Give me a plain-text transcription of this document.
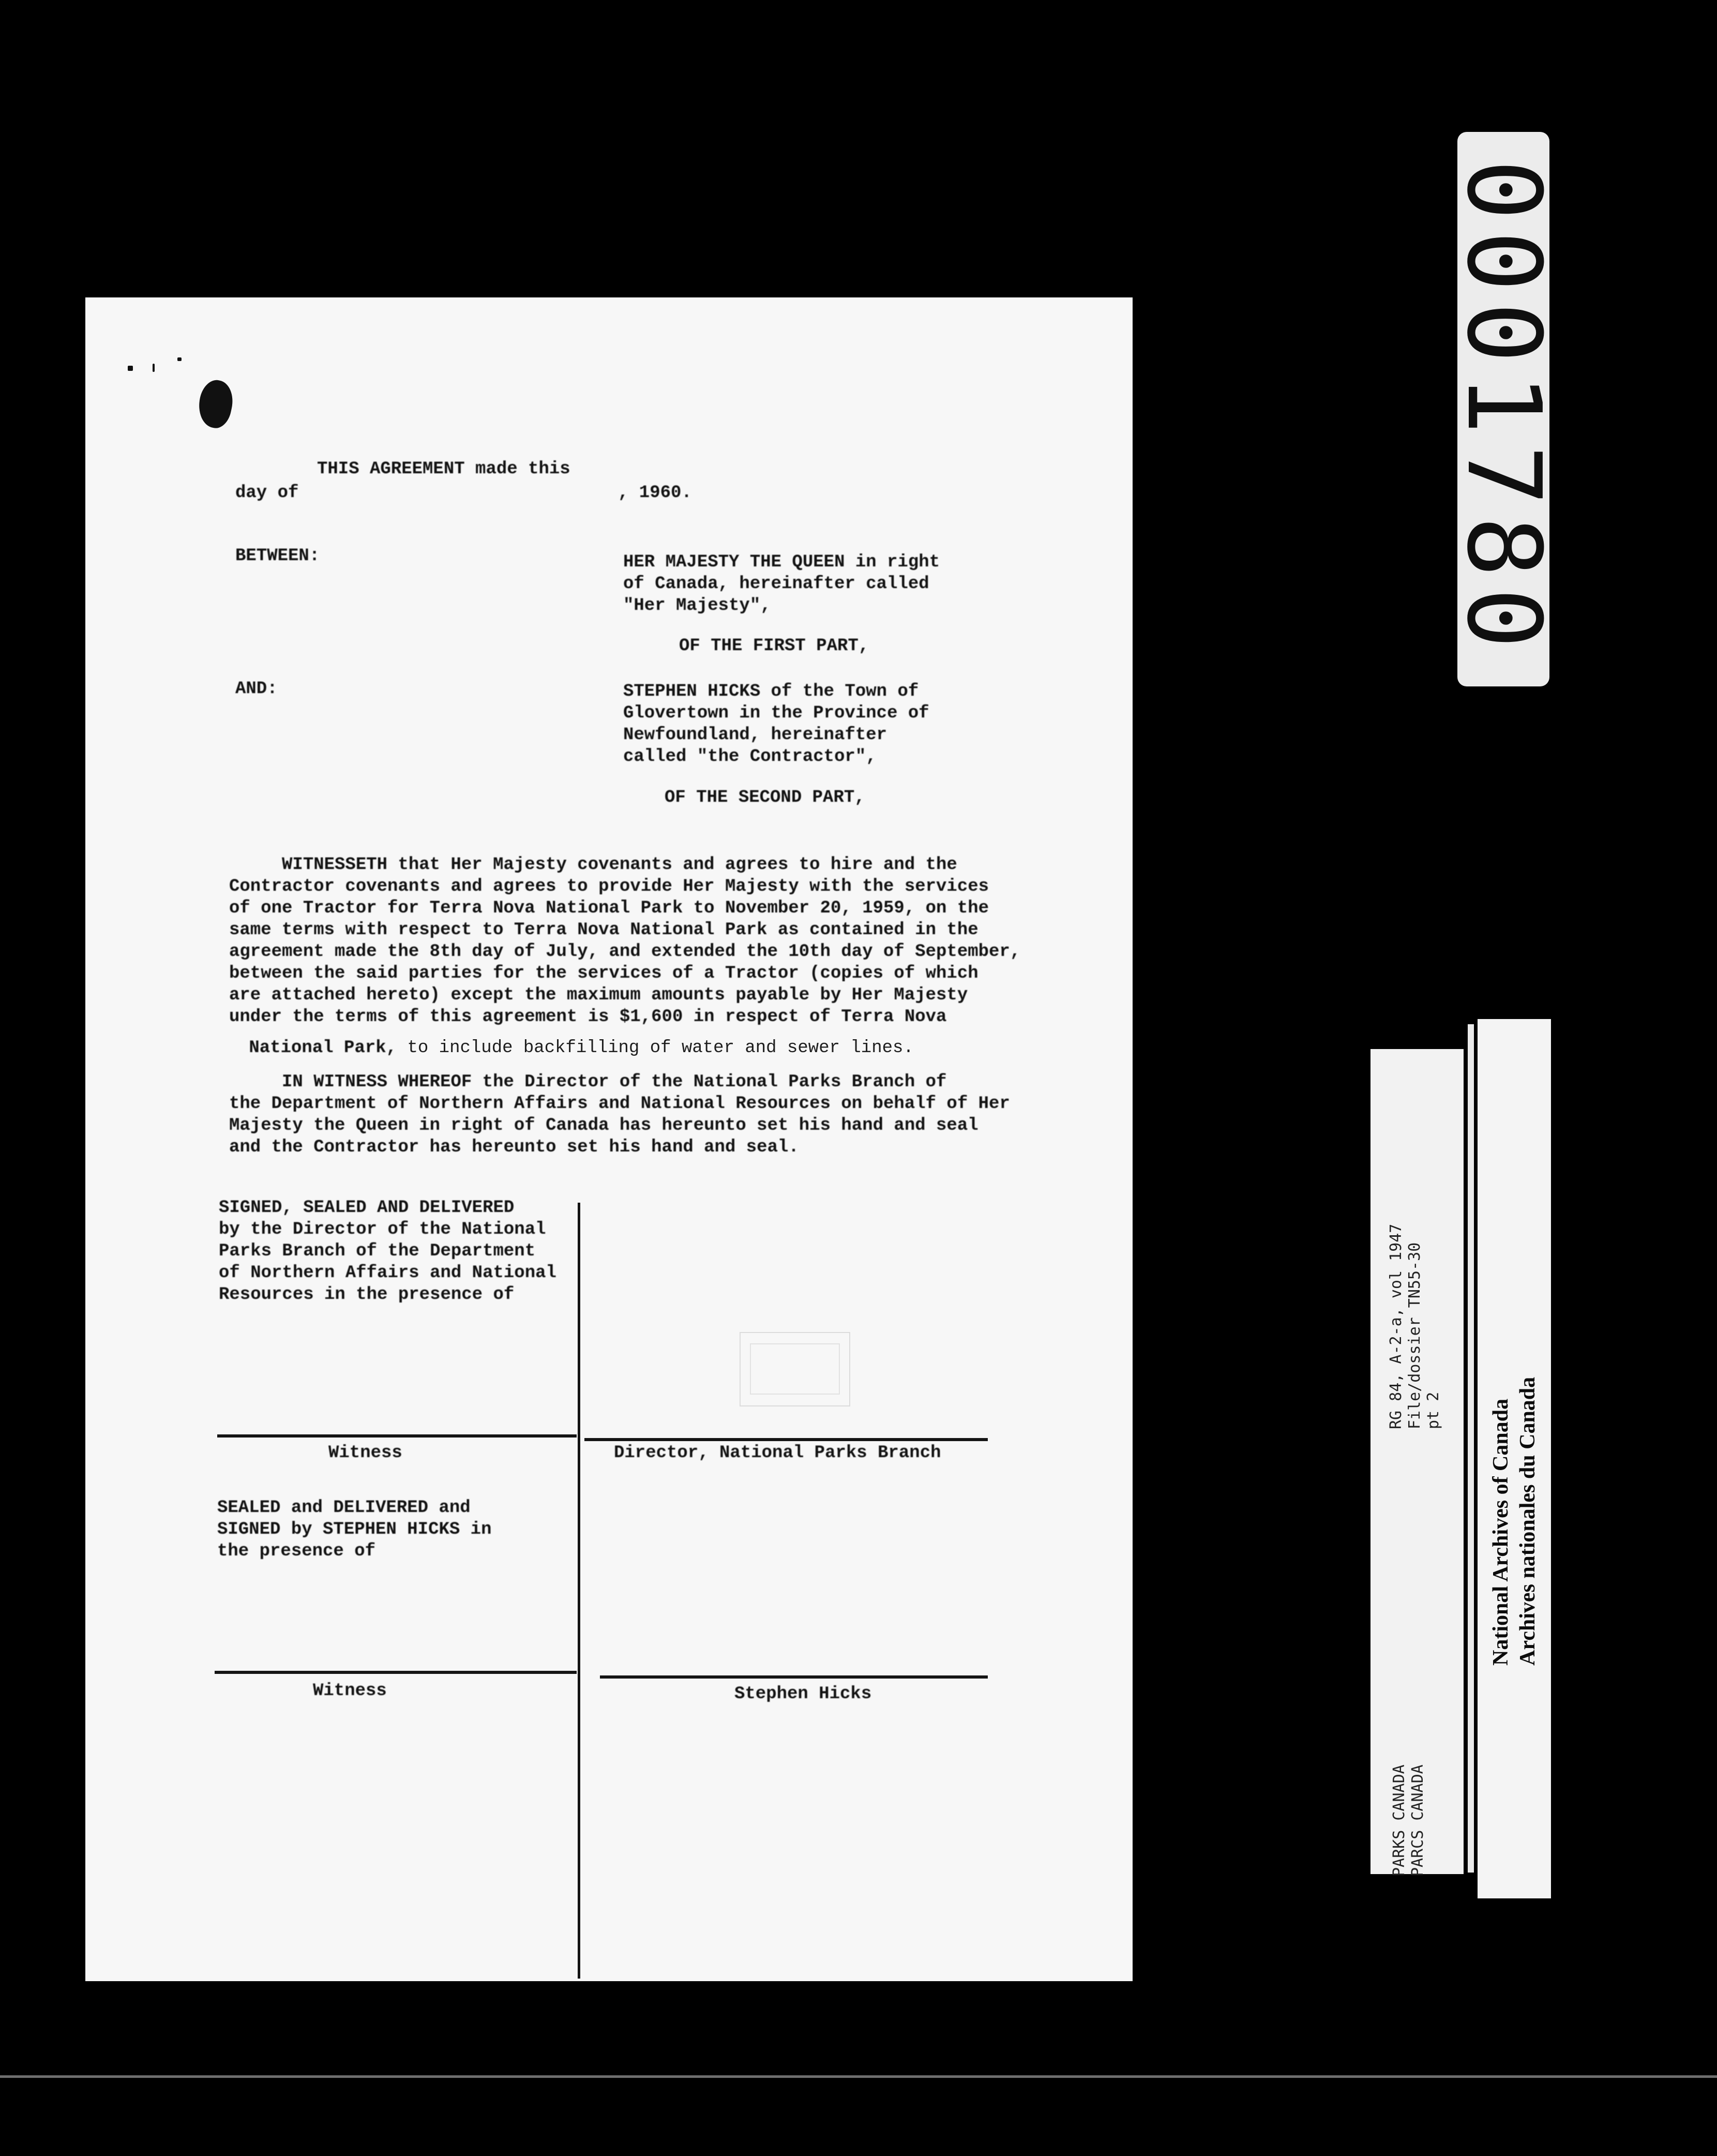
THIS AGREEMENT made this
day of	, 1960.
BETWEEN:	HER MAJESTY THE QUEEN in right
of Canada, hereinafter called
"Her Majesty",
OF THE FIRST PART,
AND:	STEPHEN HICKS of the Town of
Glovertown in the Province of
Newfoundland, hereinafter
called "the Contractor",
OF THE SECOND PART,
WITNESSETH that Her Majesty covenants and agrees to hire and the
Contractor covenants and agrees to provide Her Majesty with the services
of one Tractor for Terra Nova National Park to November 20, 1959, on the
same terms with respect to Terra Nova National Park as contained in the
agreement made the 8th day of July, and extended the 10th day of September,
between the said parties for the services of a Tractor (copies of which
are attached hereto) except the maximum amounts payable by Her Majesty
under the terms of this agreement is $1,600 in respect of Terra Nova

National Park, to include backfilling of water and sewer lines.

IN WITNESS WHEREOF the Director of the National Parks Branch of
the Department of Northern Affairs and National Resources on behalf of Her
Majesty the Queen in right of Canada has hereunto set his hand and seal
and the Contractor has hereunto set his hand and seal.
SIGNED, SEALED AND DELIVERED
by the Director of the National
Parks Branch of the Department
of Northern Affairs and National
Resources in the presence of
Witness	Director, National Parks Branch
SEALED and DELIVERED and
SIGNED by STEPHEN HICKS in
the presence of
Witness	Stephen Hicks
0001780
RG 84, A-2-a, vol 1947 File/dossier TN55-30 pt 2
PARKS CANADA PARCS CANADA
National Archives of Canada Archives nationales du Canada
